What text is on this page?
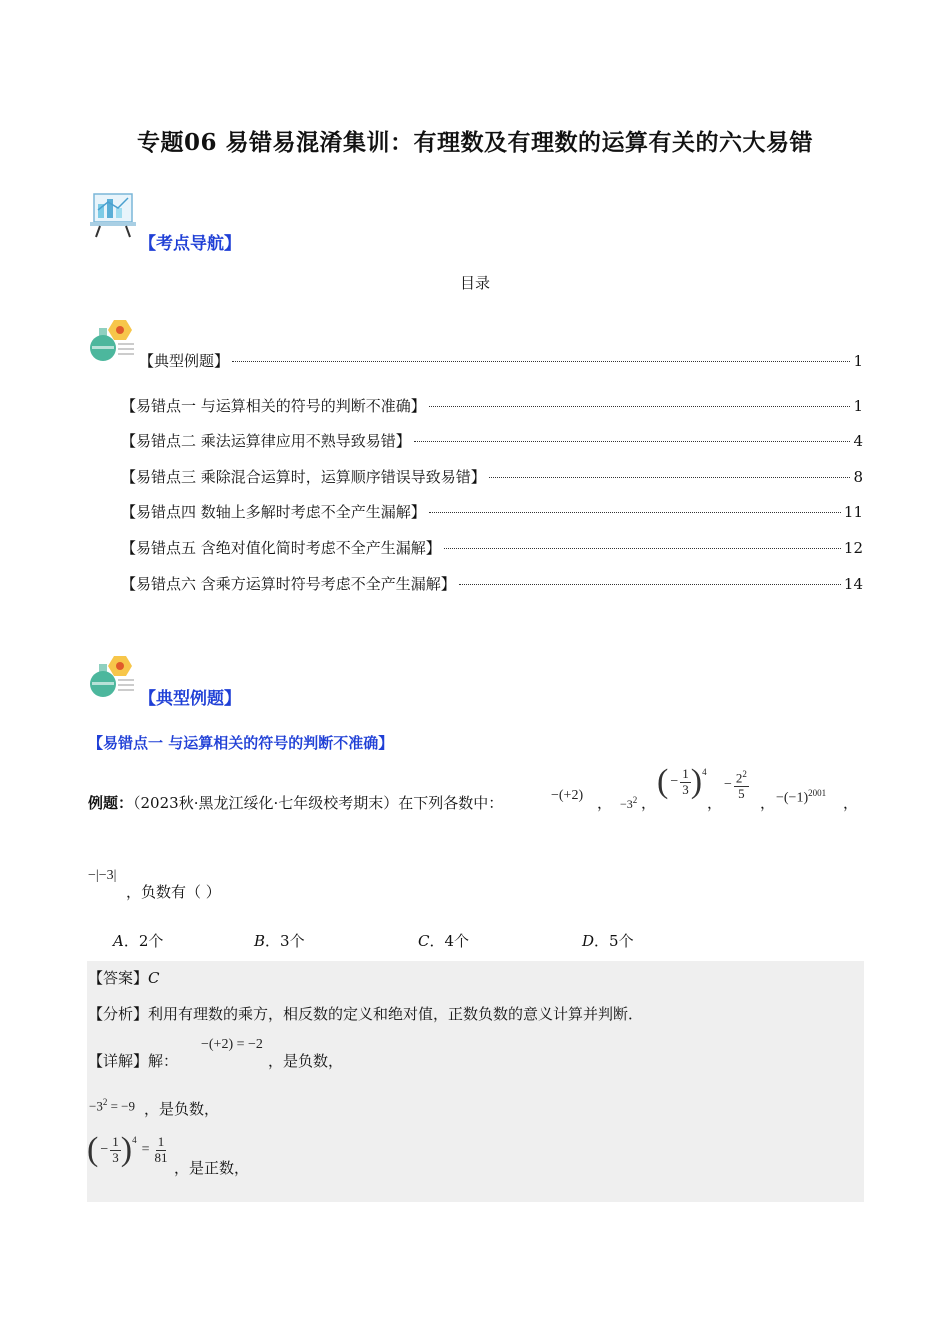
专题06 易错易混淆集训：有理数及有理数的运算有关的六大易错
【考点导航】
目录
【典型例题】	1
【易错点一 与运算相关的符号的判断不准确】	1
【易错点二 乘法运算律应用不熟导致易错】	4
【易错点三 乘除混合运算时，运算顺序错误导致易错】	8
【易错点四 数轴上多解时考虑不全产生漏解】	11
【易错点五 含绝对值化简时考虑不全产生漏解】	12
【易错点六 含乘方运算时符号考虑不全产生漏解】	14
【典型例题】
【易错点一 与运算相关的符号的判断不准确】
例题：（2023秋·黑龙江绥化·七年级校考期末）在下列各数中：	−(+2) ， $-3^2$ ，
( − $\frac{1}{3} )^4$
，
− $\frac{2^2}{5}$
， $-(-1)^{2001}$
，
−|−3|
，负数有（ ）
A．2个	B．3个	C．4个	D．5个
【答案】C
【分析】利用有理数的乘方，相反数的定义和绝对值，正数负数的意义计算并判断．
【详解】解：
−(+2) = −2
，是负数，
$-3^2 = -9$ ，是负数，
( − $\frac{1}{3} )^4$
= $\frac{1}{81}$
，是正数，
